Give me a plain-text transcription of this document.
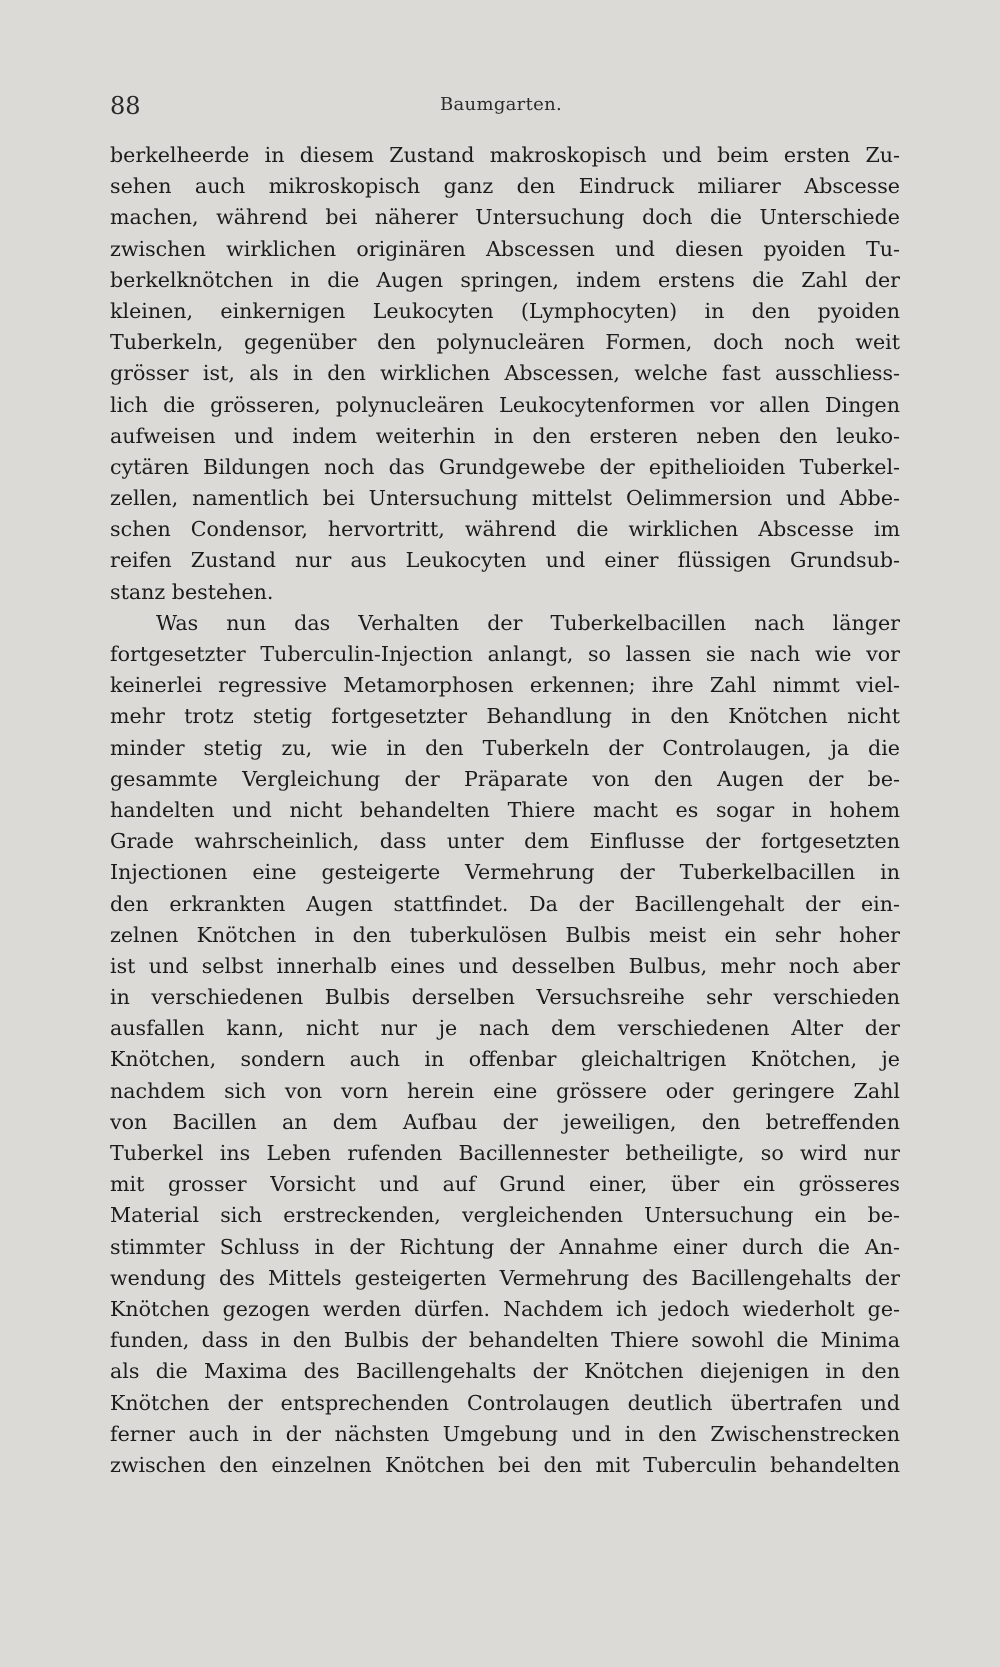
88	Baumgarten.
berkelheerde in diesem Zustand makroskopisch und beim ersten Zu-
sehen auch mikroskopisch ganz den Eindruck miliarer Abscesse
machen, während bei näherer Untersuchung doch die Unterschiede
zwischen wirklichen originären Abscessen und diesen pyoiden Tu-
berkelknötchen in die Augen springen, indem erstens die Zahl der
kleinen, einkernigen Leukocyten (Lymphocyten) in den pyoiden
Tuberkeln, gegenüber den polynucleären Formen, doch noch weit
grösser ist, als in den wirklichen Abscessen, welche fast ausschliess-
lich die grösseren, polynucleären Leukocytenformen vor allen Dingen
aufweisen und indem weiterhin in den ersteren neben den leuko-
cytären Bildungen noch das Grundgewebe der epithelioiden Tuberkel-
zellen, namentlich bei Untersuchung mittelst Oelimmersion und Abbe-
schen Condensor, hervortritt, während die wirklichen Abscesse im
reifen Zustand nur aus Leukocyten und einer flüssigen Grundsub-
stanz bestehen.
Was nun das Verhalten der Tuberkelbacillen nach länger
fortgesetzter Tuberculin-Injection anlangt, so lassen sie nach wie vor
keinerlei regressive Metamorphosen erkennen; ihre Zahl nimmt viel-
mehr trotz stetig fortgesetzter Behandlung in den Knötchen nicht
minder stetig zu, wie in den Tuberkeln der Controlaugen, ja die
gesammte Vergleichung der Präparate von den Augen der be-
handelten und nicht behandelten Thiere macht es sogar in hohem
Grade wahrscheinlich, dass unter dem Einflusse der fortgesetzten
Injectionen eine gesteigerte Vermehrung der Tuberkelbacillen in
den erkrankten Augen stattfindet. Da der Bacillengehalt der ein-
zelnen Knötchen in den tuberkulösen Bulbis meist ein sehr hoher
ist und selbst innerhalb eines und desselben Bulbus, mehr noch aber
in verschiedenen Bulbis derselben Versuchsreihe sehr verschieden
ausfallen kann, nicht nur je nach dem verschiedenen Alter der
Knötchen, sondern auch in offenbar gleichaltrigen Knötchen, je
nachdem sich von vorn herein eine grössere oder geringere Zahl
von Bacillen an dem Aufbau der jeweiligen, den betreffenden
Tuberkel ins Leben rufenden Bacillennester betheiligte, so wird nur
mit grosser Vorsicht und auf Grund einer, über ein grösseres
Material sich erstreckenden, vergleichenden Untersuchung ein be-
stimmter Schluss in der Richtung der Annahme einer durch die An-
wendung des Mittels gesteigerten Vermehrung des Bacillengehalts der
Knötchen gezogen werden dürfen. Nachdem ich jedoch wiederholt ge-
funden, dass in den Bulbis der behandelten Thiere sowohl die Minima
als die Maxima des Bacillengehalts der Knötchen diejenigen in den
Knötchen der entsprechenden Controlaugen deutlich übertrafen und
ferner auch in der nächsten Umgebung und in den Zwischenstrecken
zwischen den einzelnen Knötchen bei den mit Tuberculin behandelten
